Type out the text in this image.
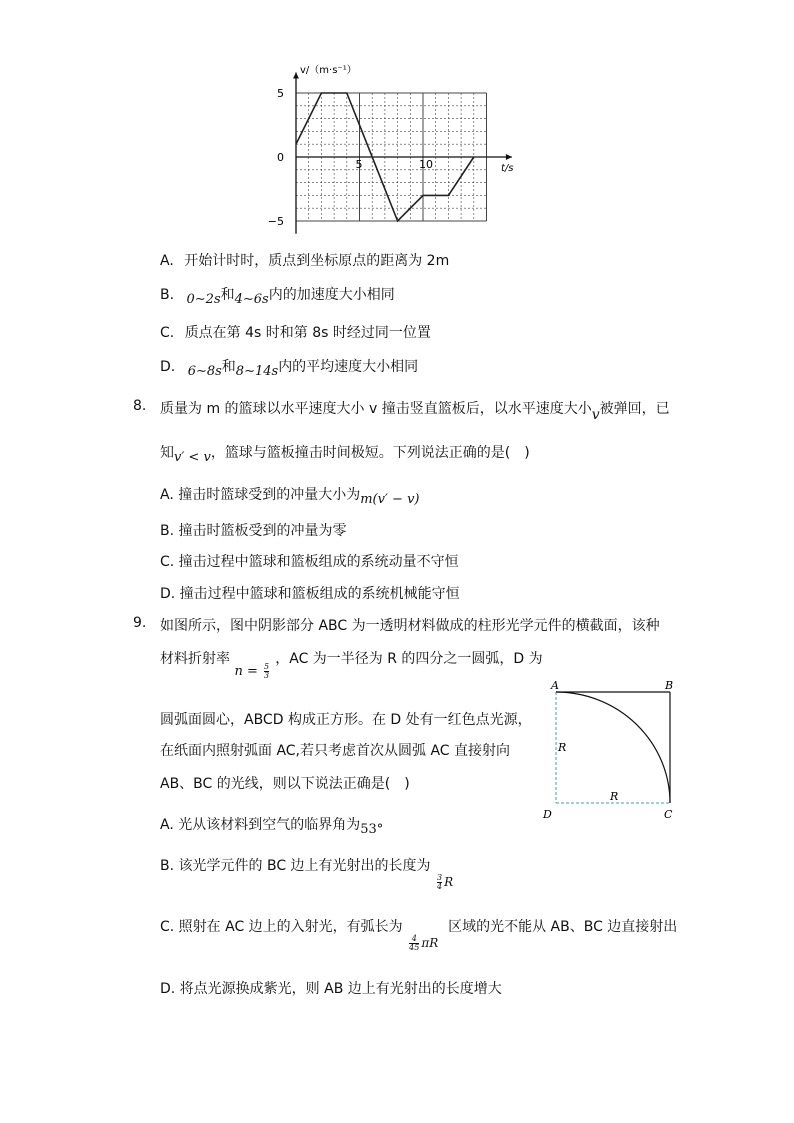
v/（m·s⁻¹）
t/s
5
0
−5
5	10
A. 开始计时时，质点到坐标原点的距离为 2m
B. 0∼2s和4∼6s内的加速度大小相同
C. 质点在第 4s 时和第 8s 时经过同一位置
D. 6∼8s和8∼14s内的平均速度大小相同
8. 质量为 m 的篮球以水平速度大小 v 撞击竖直篮板后，以水平速度大小v被弹回，已
知v′ < v，篮球与篮板撞击时间极短。下列说法正确的是(　)
A. 撞击时篮球受到的冲量大小为m(v′ − v)
B. 撞击时篮板受到的冲量为零
C. 撞击过程中篮球和篮板组成的系统动量不守恒
D. 撞击过程中篮球和篮板组成的系统机械能守恒
9. 如图所示，图中阴影部分 ABC 为一透明材料做成的柱形光学元件的横截面，该种
材料折射率 $n = \frac{5}{3}$
，AC 为一半径为 R 的四分之一圆弧，D 为
圆弧面圆心，ABCD 构成正方形。在 D 处有一红色点光源，
在纸面内照射弧面 AC,若只考虑首次从圆弧 AC 直接射向
AB、BC 的光线，则以下说法正确是(　)
A	B
C
D
R
R
A. 光从该材料到空气的临界角为53°
B. 该光学元件的 BC 边上有光射出的长度为
$\frac{3}{4}$ R
C. 照射在 AC 边上的入射光，有弧长为
$\frac{4}{45}$ πR 区域的光不能从 AB、BC 边直接射出
D. 将点光源换成紫光，则 AB 边上有光射出的长度增大
